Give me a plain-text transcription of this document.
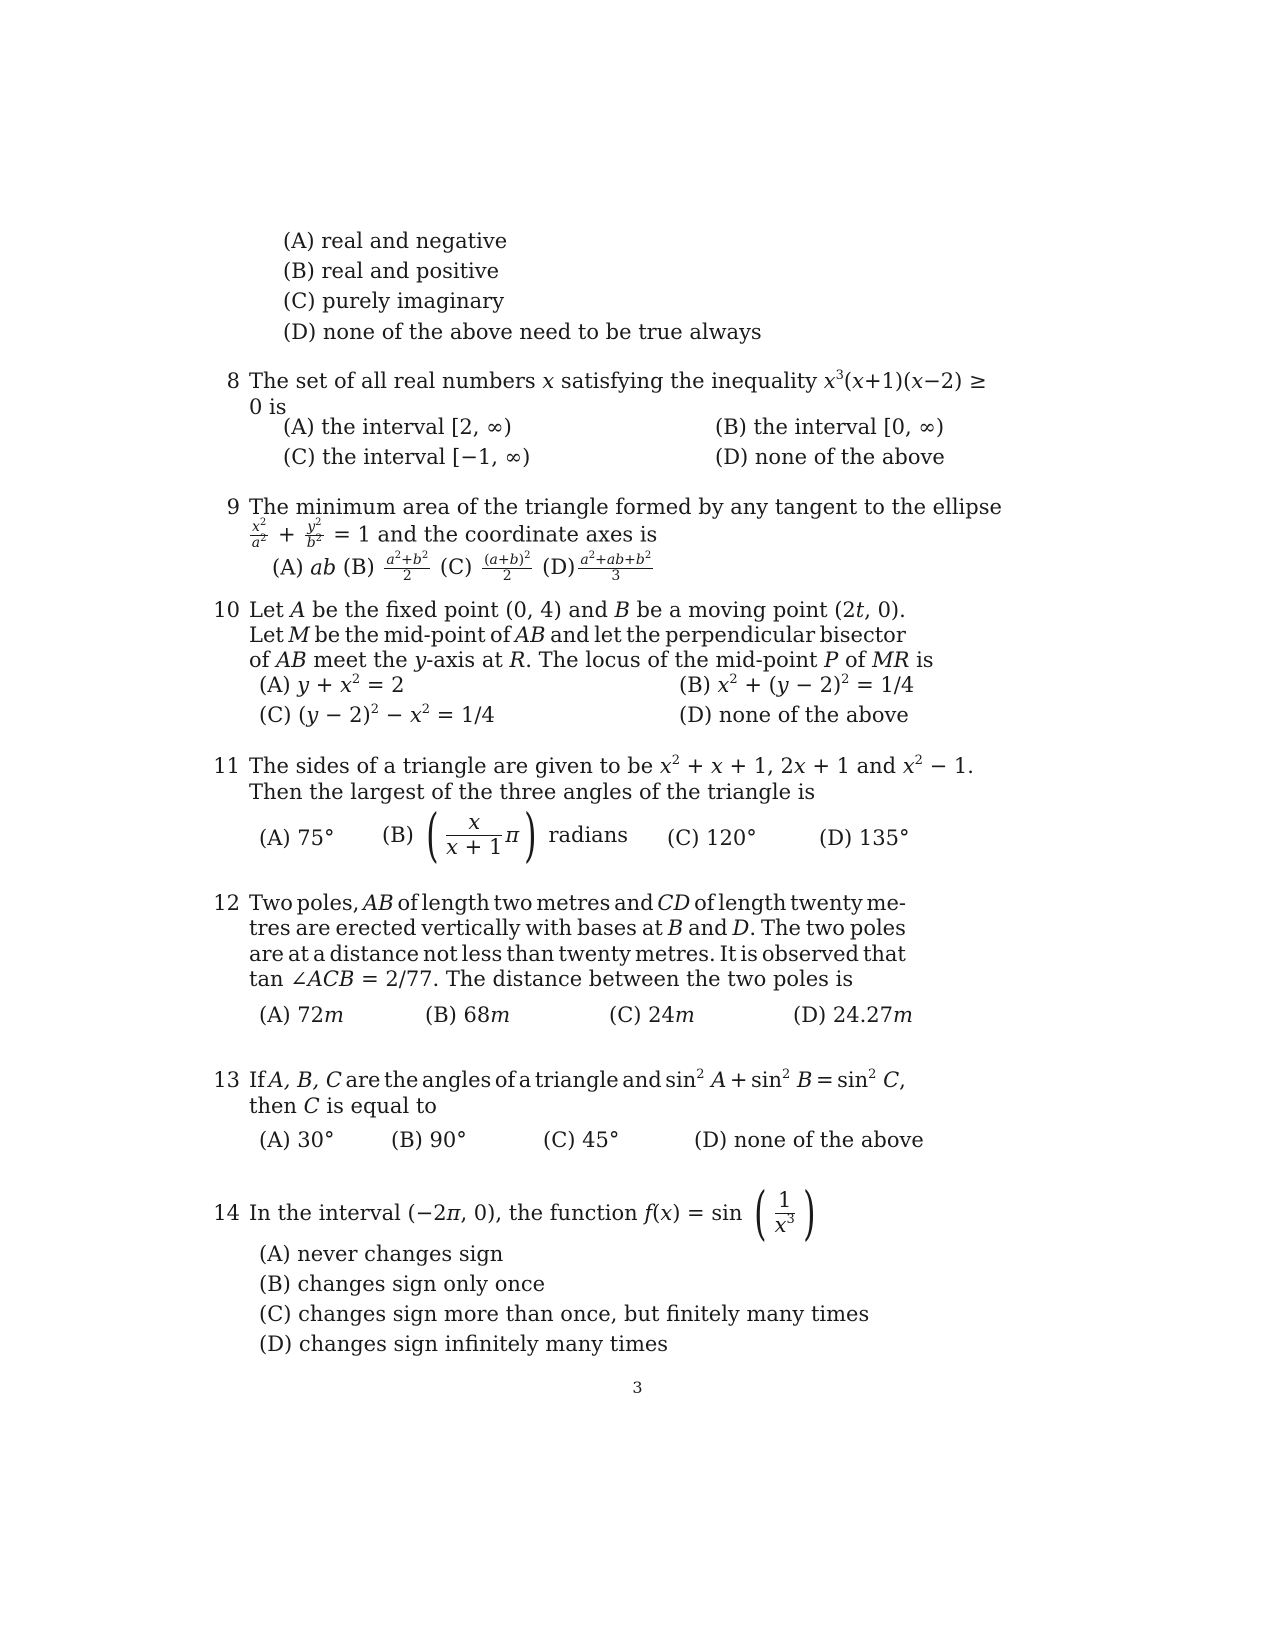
(A) real and negative
(B) real and positive
(C) purely imaginary
(D) none of the above need to be true always
8 The set of all real numbers x satisfying the inequality $x^3(x+1)(x-2)$ ≥
0 is
(A) the interval [2, ∞)	(B) the interval [0, ∞)
(C) the interval [−1, ∞)	(D) none of the above
9 The minimum area of the triangle formed by any tangent to the ellipse
$\frac{x^2}{a^2} + \frac{y^2}{b^2} = 1$ and the coordinate axes is
(A) ab $(B) \frac{a^2+b^2}{2} (C) \frac{(a+b)^2}{2} (D) \frac{a^2+ab+b^2}{3}$
10 Let A be the fixed point (0, 4) and B be a moving point (2t, 0).
Let M be the mid-point of AB and let the perpendicular bisector
of AB meet the y-axis at R. The locus of the mid-point P of MR is
(A) $y + x^2 = 2$	(B) $x^2 + (y - 2)^2 = 1/4$
(C) $(y - 2)^2 - x^2 = 1/4$	(D) none of the above
11 The sides of a triangle are given to be $x^2 + x + 1$, 2x + 1 and $x^2 - 1$.
Then the largest of the three angles of the triangle is
(A) 75° (B)
( $\frac{x}{x + 1}$ π )
radians (C) 120°	(D) 135°
12 Two poles, AB of length two metres and CD of length twenty me-
tres are erected vertically with bases at B and D. The two poles
are at a distance not less than twenty metres. It is observed that
tan ∠ACB = 2/77. The distance between the two poles is
(A) 72m	(B) 68m	(C) 24m	(D) 24.27m
13 If A, B, C are the angles of a triangle and $\sin^2 A + \sin^2 B = \sin^2 C$,
then C is equal to
(A) 30°	(B) 90°	(C) 45°	(D) none of the above
14 In the interval (−2 π , 0), the function f ( x ) = sin ( $\frac{1}{x^3}$ )
(A) never changes sign
(B) changes sign only once
(C) changes sign more than once, but finitely many times
(D) changes sign infinitely many times
3
